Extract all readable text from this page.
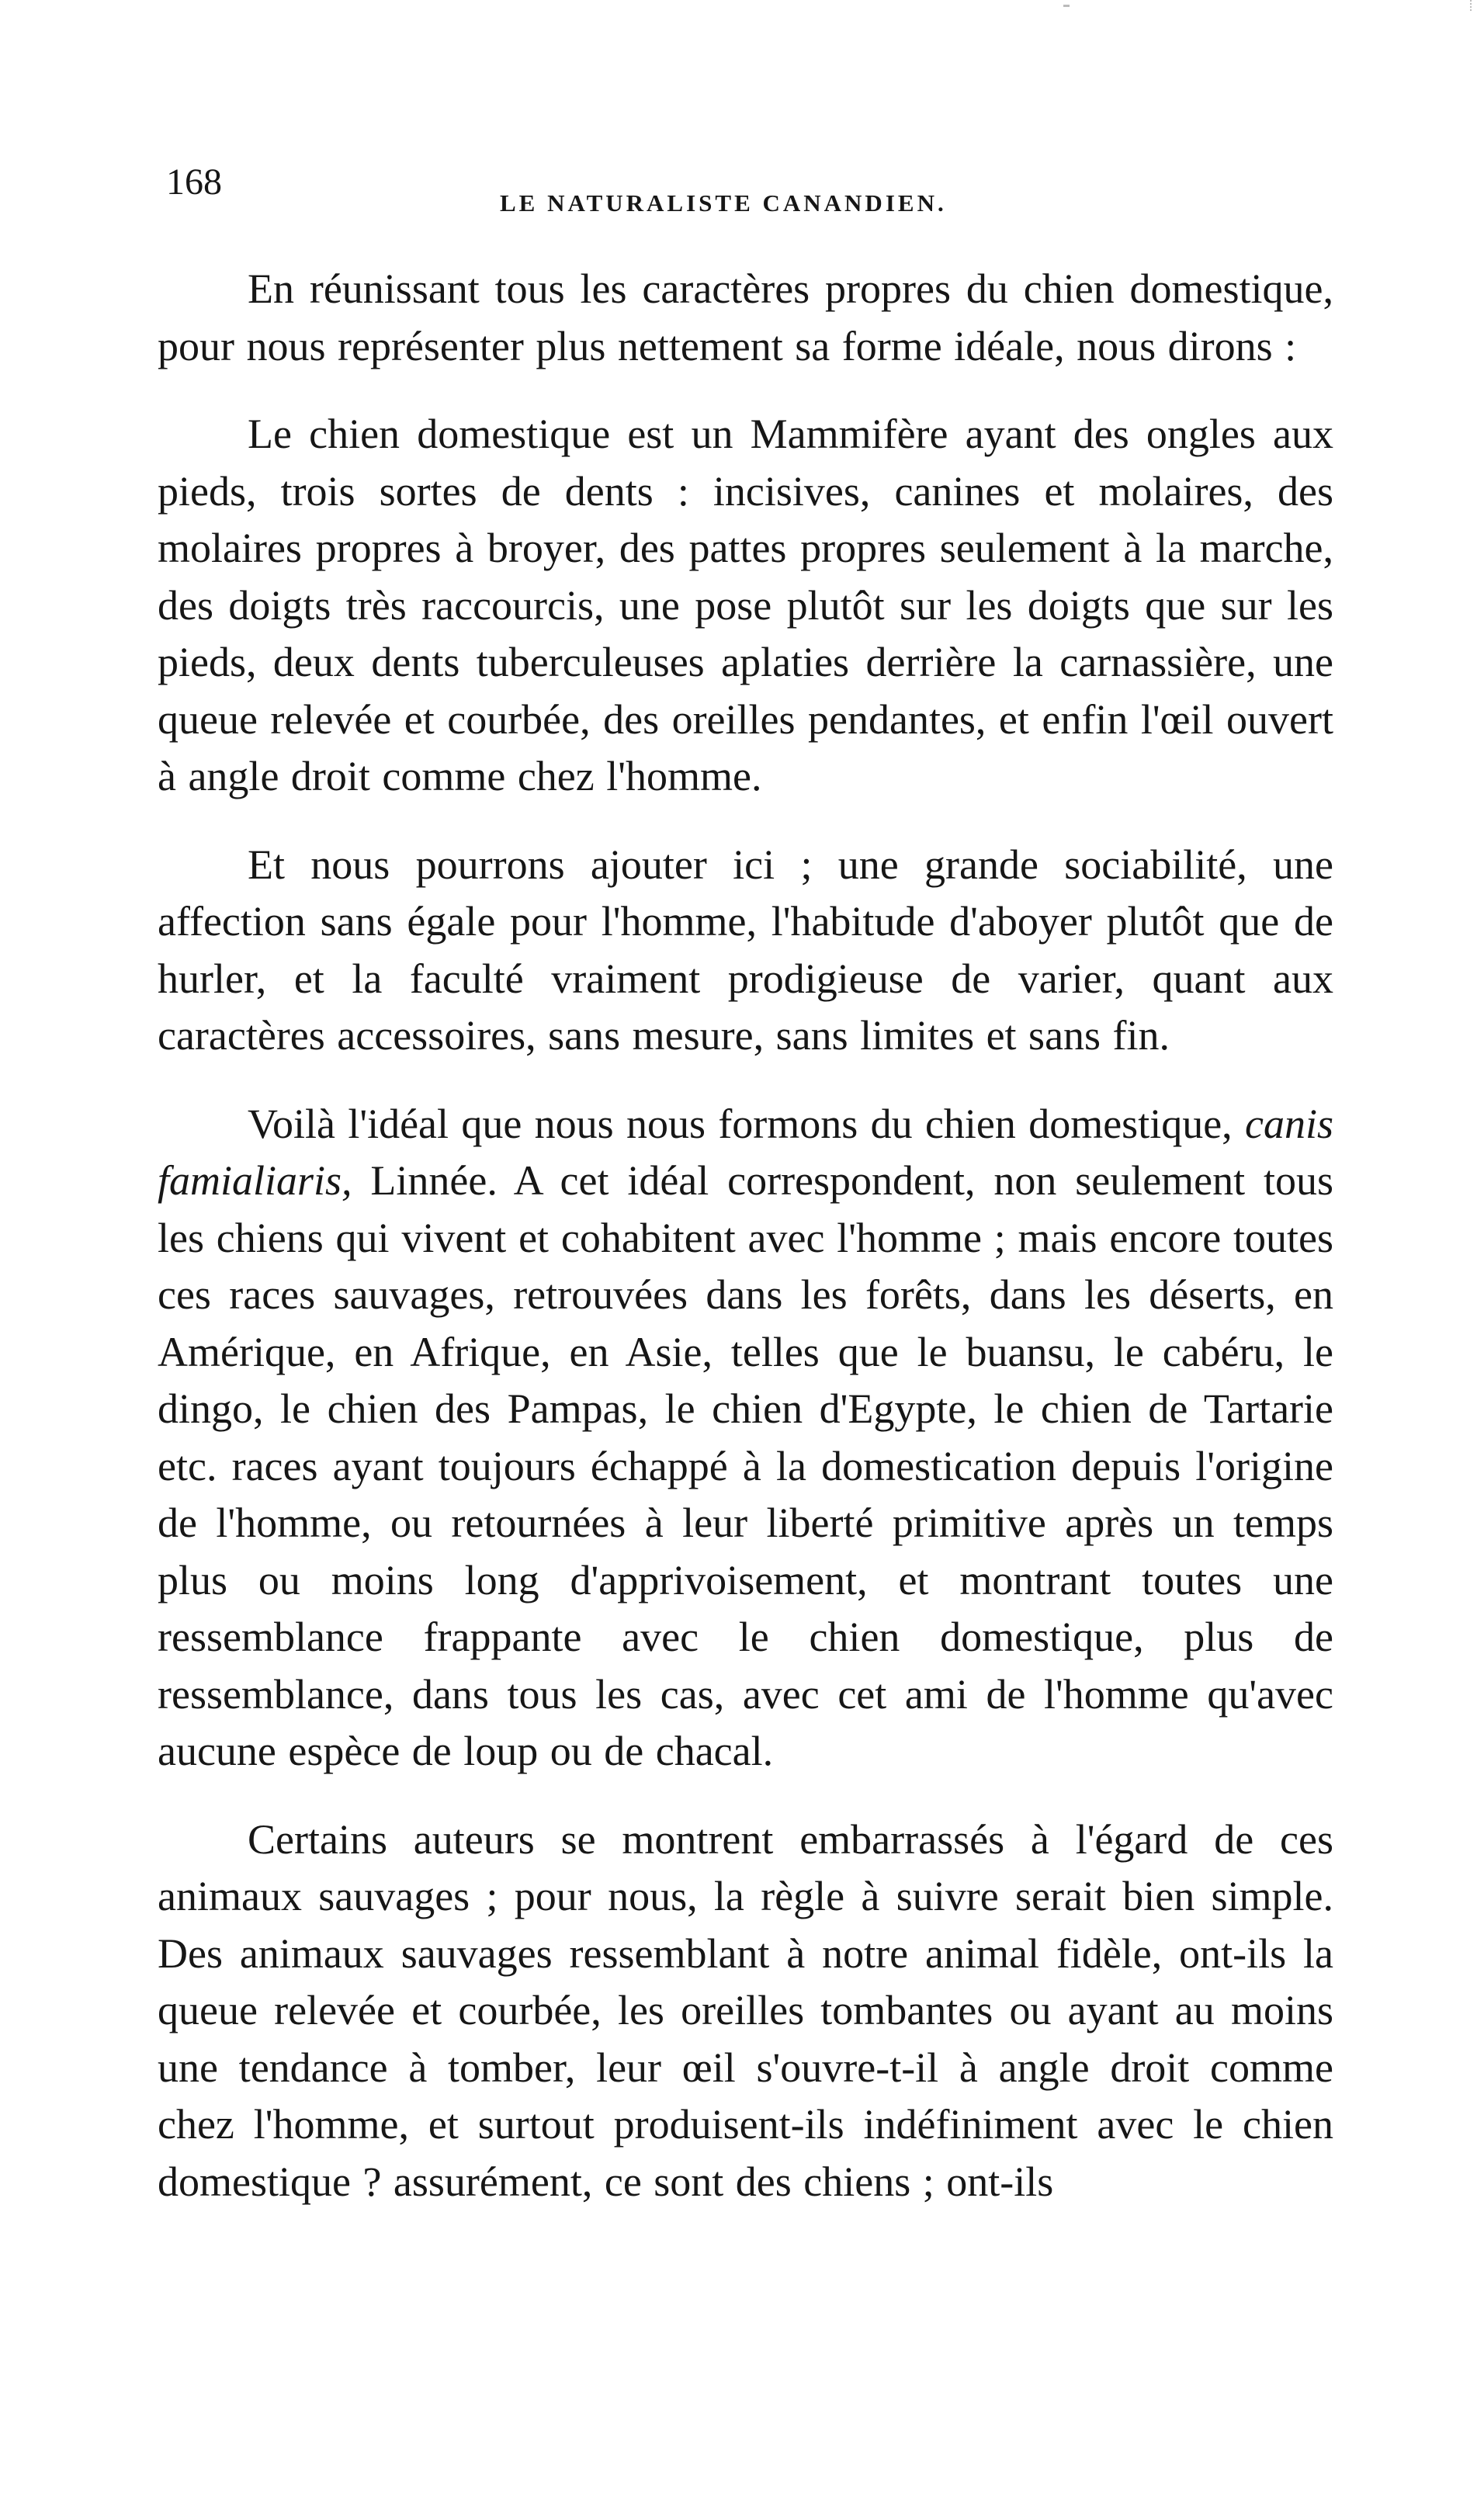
168
LE NATURALISTE CANANDIEN.

En réunissant tous les caractères propres du chien domestique, pour nous représenter plus nettement sa forme idéale, nous dirons :

Le chien domestique est un Mammifère ayant des ongles aux pieds, trois sortes de dents : incisives, canines et molaires, des molaires propres à broyer, des pattes propres seulement à la marche, des doigts très raccourcis, une pose plutôt sur les doigts que sur les pieds, deux dents tuberculeuses aplaties derrière la carnassière, une queue relevée et courbée, des oreilles pendantes, et enfin l'œil ouvert à angle droit comme chez l'homme.

Et nous pourrons ajouter ici ; une grande sociabilité, une affection sans égale pour l'homme, l'habitude d'aboyer plutôt que de hurler, et la faculté vraiment prodigieuse de varier, quant aux caractères accessoires, sans mesure, sans limites et sans fin.

Voilà l'idéal que nous nous formons du chien domestique, canis famialiaris, Linnée. A cet idéal correspondent, non seulement tous les chiens qui vivent et cohabitent avec l'homme ; mais encore toutes ces races sauvages, retrouvées dans les forêts, dans les déserts, en Amérique, en Afrique, en Asie, telles que le buansu, le cabéru, le dingo, le chien des Pampas, le chien d'Egypte, le chien de Tartarie etc. races ayant toujours échappé à la domestication depuis l'origine de l'homme, ou retournées à leur liberté primitive après un temps plus ou moins long d'apprivoisement, et montrant toutes une ressemblance frappante avec le chien domestique, plus de ressemblance, dans tous les cas, avec cet ami de l'homme qu'avec aucune espèce de loup ou de chacal.

Certains auteurs se montrent embarrassés à l'égard de ces animaux sauvages ; pour nous, la règle à suivre serait bien simple. Des animaux sauvages ressemblant à notre animal fidèle, ont-ils la queue relevée et courbée, les oreilles tombantes ou ayant au moins une tendance à tomber, leur œil s'ouvre-t-il à angle droit comme chez l'homme, et surtout produisent-ils indéfiniment avec le chien domestique ? assurément, ce sont des chiens ; ont-ils
